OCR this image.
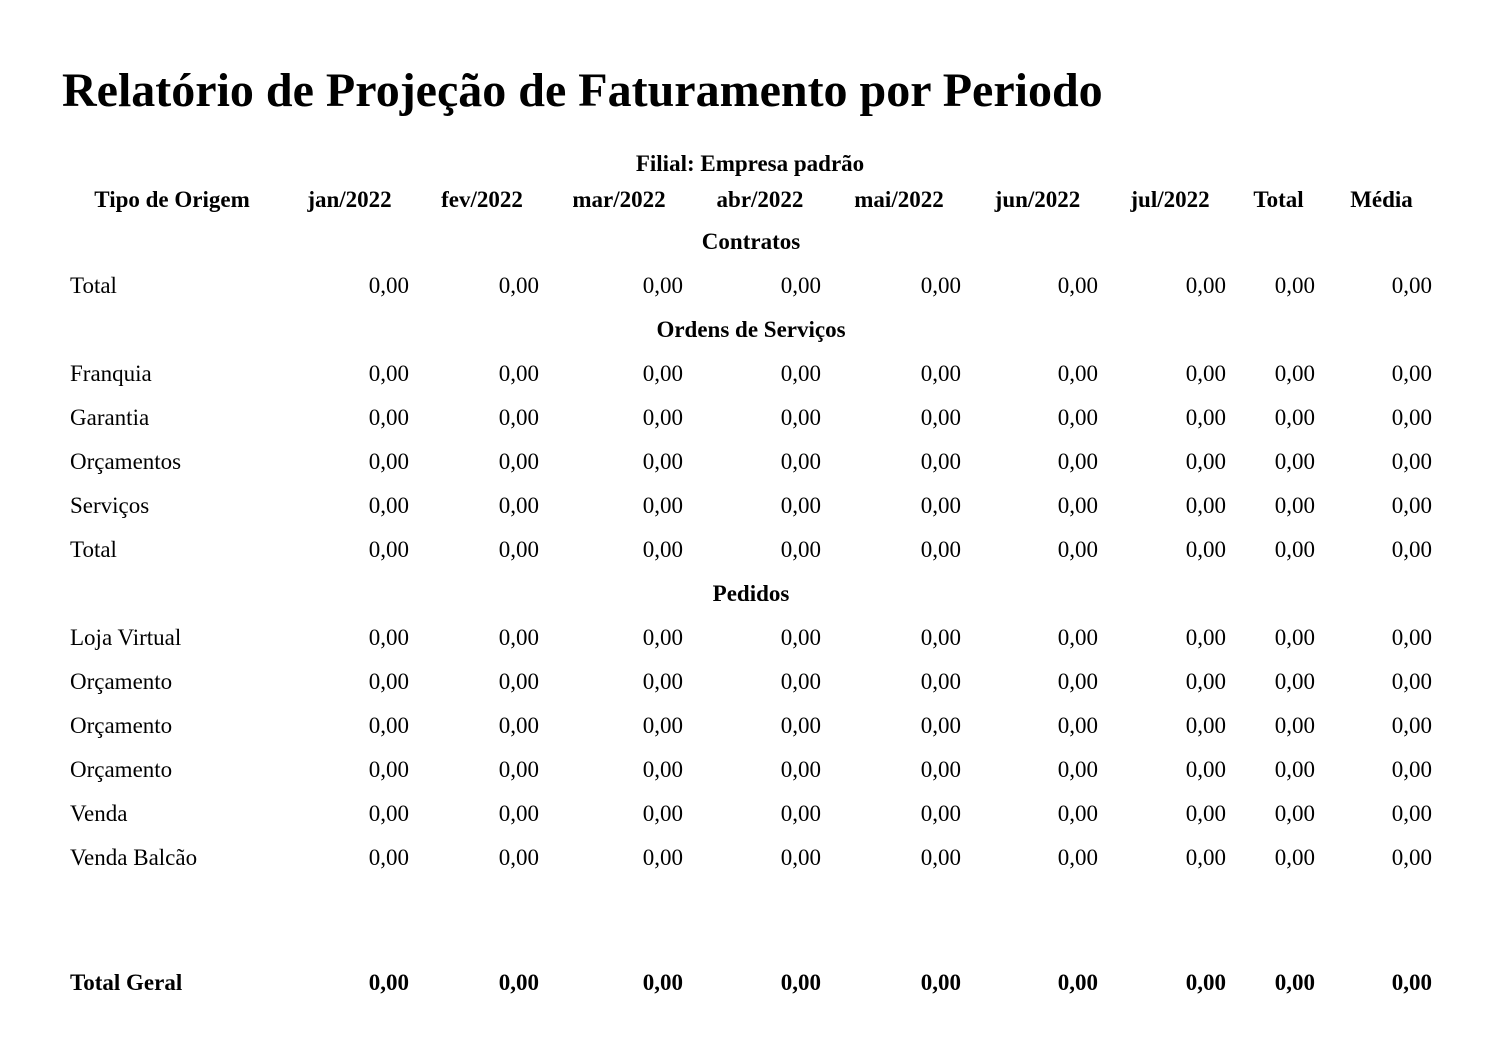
Relatório de Projeção de Faturamento por Periodo
Filial: Empresa padrão
Tipo de Origem	jan/2022	fev/2022	mar/2022	abr/2022	mai/2022	jun/2022	jul/2022	Total	Média
Contratos									
Total	0,00	0,00	0,00	0,00	0,00	0,00	0,00	0,00	0,00
Ordens de Serviços									
Franquia	0,00	0,00	0,00	0,00	0,00	0,00	0,00	0,00	0,00
Garantia	0,00	0,00	0,00	0,00	0,00	0,00	0,00	0,00	0,00
Orçamentos	0,00	0,00	0,00	0,00	0,00	0,00	0,00	0,00	0,00
Serviços	0,00	0,00	0,00	0,00	0,00	0,00	0,00	0,00	0,00
Total	0,00	0,00	0,00	0,00	0,00	0,00	0,00	0,00	0,00
Pedidos									
Loja Virtual	0,00	0,00	0,00	0,00	0,00	0,00	0,00	0,00	0,00
Orçamento	0,00	0,00	0,00	0,00	0,00	0,00	0,00	0,00	0,00
Orçamento	0,00	0,00	0,00	0,00	0,00	0,00	0,00	0,00	0,00
Orçamento	0,00	0,00	0,00	0,00	0,00	0,00	0,00	0,00	0,00
Venda	0,00	0,00	0,00	0,00	0,00	0,00	0,00	0,00	0,00
Venda Balcão	0,00	0,00	0,00	0,00	0,00	0,00	0,00	0,00	0,00

Total Geral	0,00	0,00	0,00	0,00	0,00	0,00	0,00	0,00	0,00
